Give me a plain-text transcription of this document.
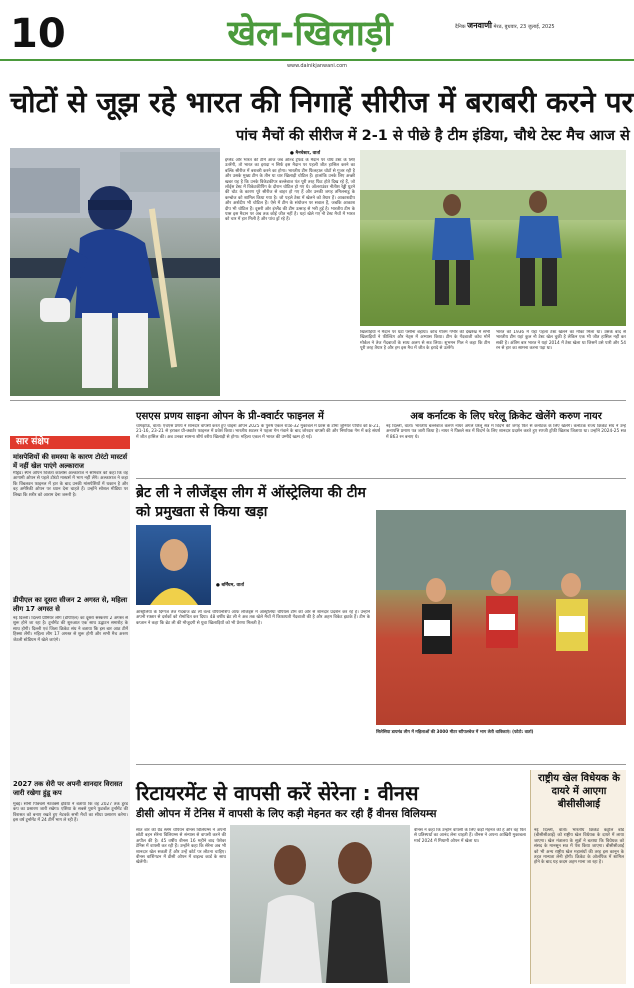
10	खेल-खिलाड़ी	दैनिक जनवाणी मेरठ, बुधवार, 23 जुलाई, 2025
www.dainikjanwani.com
चोटों से जूझ रहे भारत की निगाहें सीरीज में बराबरी करने पर
पांच मैचों की सीरीज में 2-1 से पीछे है टीम इंडिया, चौथे टेस्ट मैच आज से
● मैनचेस्टर, वार्ता
इंग्लैंड और भारत की टीमें आज जब ओल्ड ट्रैफर्ड के मैदान पर चौथे टेस्ट के लिए उतरेंगी, तो भारत का इरादा न सिर्फ इस मैदान पर पहली जीत हासिल करने का बल्कि सीरीज में बराबरी करने का होगा। भारतीय टीम फिलहाल चोटों से गुजर रही है और उसके मुख्य टीम के तीन या चार खिलाड़ी चोटिल हैं। हालांकि उनके लिए अच्छी खबर यह है कि उनके विकेटकीपर बल्लेबाज पंत पूरी तरह फिट होते दिख रहे हैं, जो लॉर्ड्स टेस्ट में विकेटकीपिंग के दौरान चोटिल हो गए थे। ऑलराउंडर नीतीश रेड्डी घुटने की चोट के कारण पूरे सीरीज से बाहर हो गए हैं और उनकी जगह तमिलनाडु के कम्बोज को शामिल किया गया है। जो पहले टेस्ट में खेलने को तैयार हैं। आकाशदीप और अर्शदीप भी चोटिल हैं। ऐसे में टीम के संयोजन पर सवाल हैं, जबकि आकाश दीप भी चोटिल हैं। दूसरी ओर इंग्लैंड की टीम उत्साह से भरी हुई है। भारतीय टीम के पास इस मैदान पर अब तक कोई जीत नहीं है। यहां खेले गए नौ टेस्ट मैचों में भारत को चार में हार मिली है और पांच ड्रॉ रहे हैं।
खिलाड़ियों ने मैदान पर घंटों पसीना बहाया। कोच गौतम गंभीर की देखरेख में सभी खिलाड़ियों ने फील्डिंग और नेट्स में अभ्यास किया। टीम के गेंदबाजी कोच मोर्ने मोर्कल ने तेज गेंदबाजों के साथ अलग से सत्र लिया। शुभमन गिल ने कहा कि टीम पूरी तरह तैयार है और हम इस मैच में जीत के इरादे से उतरेंगे।
भारत को 1936 में यहां पहला टेस्ट खेलने का मौका मिला था। उसके बाद से भारतीय टीम यहां कुल नौ टेस्ट खेल चुकी है लेकिन एक भी जीत हासिल नहीं कर सकी है। अंतिम बार भारत ने यहां 2014 में टेस्ट खेला था जिसमें उसे पारी और 54 रन से हार का सामना करना पड़ा था।
सार संक्षेप
मांसपेशियों की समस्या के कारण टोरंटो मास्टर्स में नहीं खेल पाएंगे अल्काराज
मैड्रिड। स्पेन ओपन विजेता कार्लोस अल्काराज ने सोमवार को कहा कि वह आगामी ओपन से पहले टोरंटो मास्टर्स में भाग नहीं लेंगे। अल्काराज ने कहा कि विंबलडन फाइनल में हार के बाद उनकी मांसपेशियों में थकान है और वह अमेरिकी ओपन पर ध्यान देना चाहते हैं। उन्होंने सोशल मीडिया पर लिखा कि शरीर को आराम देना जरूरी है।
डीपीएल का दूसरा सीजन 2 अगस्त से, महिला लीग 17 अगस्त से
नई दिल्ली। दिल्ली प्रीमियर लीग (डीपीएल) का दूसरा संस्करण 2 अगस्त से शुरू होने जा रहा है। टूर्नामेंट की शुरुआत एक साथ उद्घाटन समारोह के साथ होगी। दिल्ली एवं जिला क्रिकेट संघ ने बताया कि इस बार आठ टीमें हिस्सा लेंगी। महिला लीग 17 अगस्त से शुरू होगी और सभी मैच अरुण जेटली स्टेडियम में खेले जाएंगे।
2027 तक सेरी पर अपनी शानदार विरासत जारी रखेगा हुंडू कप
मुंबई। सोनी पिक्चर्स नेटवर्क्स इंडिया ने बताया कि वह 2027 तक डूरंड कप का प्रसारण जारी रखेगा। एशिया के सबसे पुराने फुटबॉल टूर्नामेंट की विरासत को बनाए रखते हुए नेटवर्क सभी मैचों का सीधा प्रसारण करेगा। इस वर्ष टूर्नामेंट में 24 टीमें भाग ले रही हैं।
एसएस प्रणय साइना ओपन के प्री-क्वार्टर फाइनल में
चांगझोऊ, वार्ता। एचएस प्रणय ने शानदार वापसी करते हुए चाइना ओपन 2025 के पुरुष एकल राउंड-32 मुकाबले में फ्रांस के टोमा जूनियर पोपोव को 8-21, 21-16, 23-21 से हराकर प्री-क्वार्टर फाइनल में प्रवेश किया। भारतीय शटलर ने पहला गेम गंवाने के बाद जोरदार वापसी की और निर्णायक गेम में कड़े संघर्ष में जीत हासिल की। अब उनका सामना शीर्ष वरीय खिलाड़ी से होगा। महिला एकल में भारत की उम्मीदें खत्म हो गईं।
अब कर्नाटक के लिए घरेलू क्रिकेट खेलेंगे करुण नायर
नई दिल्ली, वार्ता। भारतीय बल्लेबाज करुण नायर अगले घरेलू सत्र में विदर्भ की जगह फिर से कर्नाटक के लिए खेलेंगे। कर्नाटक राज्य क्रिकेट संघ ने उन्हें अनापत्ति प्रमाण पत्र जारी किया है। नायर ने पिछले सत्र में विदर्भ के लिए शानदार प्रदर्शन करते हुए रणजी ट्रॉफी खिताब जिताया था। उन्होंने 2024-25 सत्र में 863 रन बनाए थे।
ब्रेट ली ने लीजेंड्स लीग में ऑस्ट्रेलिया की टीम को प्रमुखता से किया खड़ा
● बर्मिंघम, वार्ता
ऑस्ट्रेलिया के दिग्गज तेज गेंदबाज ब्रेट ली वर्ल्ड चैंपियनशिप ऑफ लीजेंड्स में ऑस्ट्रेलिया चैंपियंस टीम की ओर से शानदार प्रदर्शन कर रहे हैं। उन्होंने अपनी रफ्तार से दर्शकों को रोमांचित कर दिया। 48 वर्षीय ब्रेट ली ने अब तक खेले मैचों में किफायती गेंदबाजी की है और अहम विकेट झटके हैं। टीम के कप्तान ने कहा कि ब्रेट ली की मौजूदगी से युवा खिलाड़ियों को भी प्रेरणा मिलती है।
सिलेसिया डायमंड लीग में महिलाओं की 3000 मीटर स्टीपलचेज में भाग लेती धाविकाएं। (फोटो: वार्ता)
रिटायरमेंट से वापसी करें सेरेना : वीनस
डीसी ओपन में टेनिस में वापसी के लिए कड़ी मेहनत कर रही हैं वीनस विलियम्स
सात बार की ग्रैंड स्लैम चैंपियन वीनस विलियम्स ने अपनी छोटी बहन सेरेना विलियम्स से संन्यास से वापसी करने की अपील की है। 45 वर्षीय वीनस 16 महीने बाद पेशेवर टेनिस में वापसी कर रही हैं। उन्होंने कहा कि सेरेना अब भी शानदार खेल सकती हैं और उन्हें कोर्ट पर लौटना चाहिए। वीनस वाशिंगटन में डीसी ओपन में वाइल्ड कार्ड के साथ खेलेंगी।
वीनस ने कहा कि उन्होंने वापसी के लिए कड़ी मेहनत की है और वह फिर से प्रतिस्पर्धा का आनंद लेना चाहती हैं। वीनस ने अपना आखिरी मुकाबला मार्च 2024 में मियामी ओपन में खेला था।
राष्ट्रीय खेल विधेयक के दायरे में आएगा बीसीसीआई
नई दिल्ली, वार्ता। भारतीय क्रिकेट कंट्रोल बोर्ड (बीसीसीआई) को राष्ट्रीय खेल विधेयक के दायरे में लाया जाएगा। खेल मंत्रालय के सूत्रों ने बताया कि विधेयक को संसद के मानसून सत्र में पेश किया जाएगा। बीसीसीआई को भी अन्य राष्ट्रीय खेल महासंघों की तरह इस कानून के तहत मान्यता लेनी होगी। क्रिकेट के ओलंपिक में शामिल होने के बाद यह कदम अहम माना जा रहा है।
